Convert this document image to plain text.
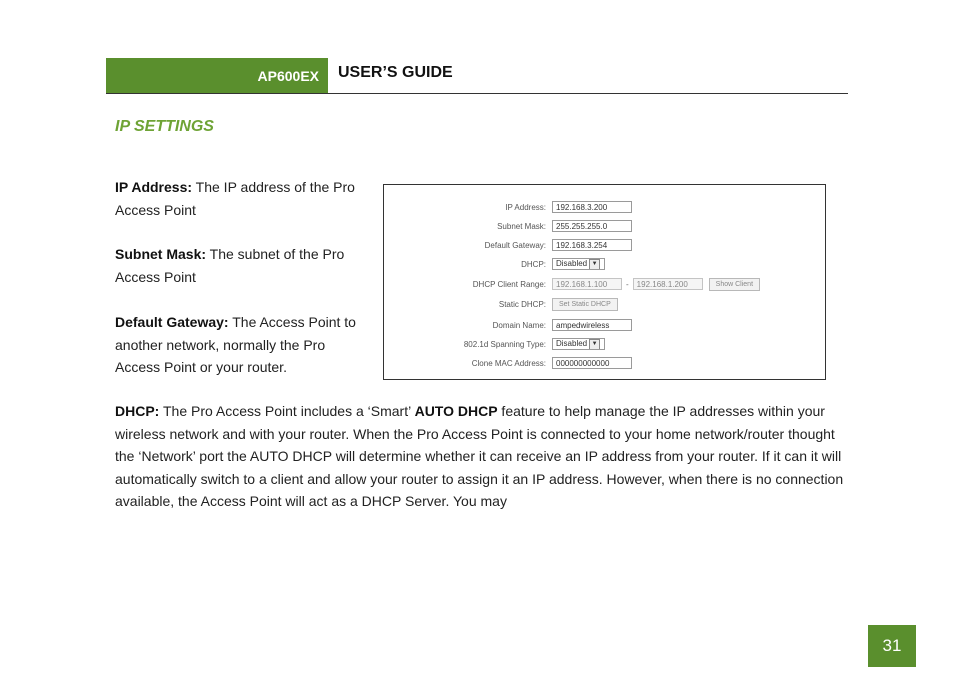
AP600EX USER’S GUIDE
IP SETTINGS
IP Address: The IP address of the Pro Access Point
Subnet Mask: The subnet of the Pro Access Point
Default Gateway: The Access Point to another network, normally the Pro Access Point or your router.
IP Address:	192.168.3.200
Subnet Mask:	255.255.255.0
Default Gateway:	192.168.3.254
DHCP:	Disabled ▼
DHCP Client Range:	192.168.1.100	-	192.168.1.200	Show Client
Static DHCP:	Set Static DHCP
Domain Name:	ampedwireless
802.1d Spanning Type:	Disabled ▼
Clone MAC Address:	000000000000
DHCP: The Pro Access Point includes a ‘Smart’ AUTO DHCP feature to help manage the IP addresses within your wireless network and with your router. When the Pro Access Point is connected to your home network/router thought the ‘Network’ port the AUTO DHCP will determine whether it can receive an IP address from your router. If it can it will automatically switch to a client and allow your router to assign it an IP address. However, when there is no connection available, the Access Point will act as a DHCP Server. You may
31
